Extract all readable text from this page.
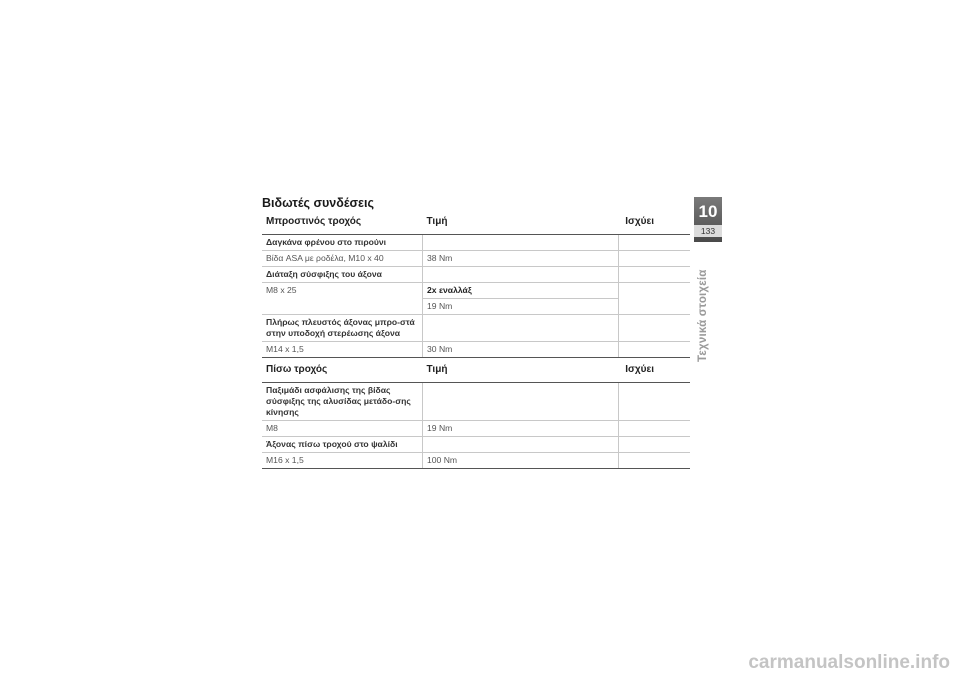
Βιδωτές συνδέσεις
Μπροστινός τροχός	Τιμή	Ισχύει
Δαγκάνα φρένου στο πιρούνι		
Βίδα ASA με ροδέλα, M10 x 40	38 Nm	
Διάταξη σύσφιξης του άξονα		
M8 x 25	2x εναλλάξ	
	19 Nm	
Πλήρως πλευστός άξονας μπρο-στά στην υποδοχή στερέωσης άξονα		
M14 x 1,5	30 Nm	
Πίσω τροχός	Τιμή	Ισχύει
Παξιμάδι ασφάλισης της βίδας σύσφιξης της αλυσίδας μετάδο-σης κίνησης		
M8	19 Nm	
Άξονας πίσω τροχού στο ψαλίδι		
M16 x 1,5	100 Nm	
10
133
Τεχνικά στοιχεία
carmanualsonline.info
